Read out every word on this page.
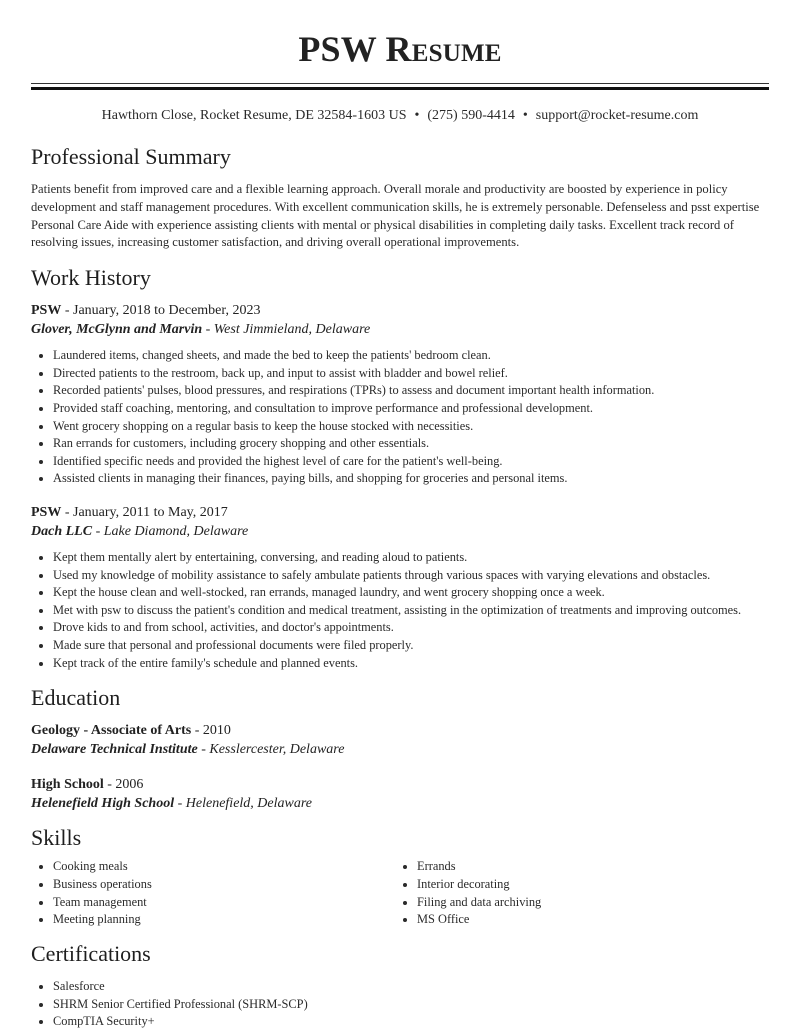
PSW Resume
Hawthorn Close, Rocket Resume, DE 32584-1603 US • (275) 590-4414 • support@rocket-resume.com
Professional Summary

Patients benefit from improved care and a flexible learning approach. Overall morale and productivity are boosted by experience in policy development and staff management procedures. With excellent communication skills, he is extremely personable. Defenseless and psst expertise Personal Care Aide with experience assisting clients with mental or physical disabilities in completing daily tasks. Excellent track record of resolving issues, increasing customer satisfaction, and driving overall operational improvements.

Work History
PSW - January, 2018 to December, 2023
Glover, McGlynn and Marvin - West Jimmieland, Delaware
• Laundered items, changed sheets, and made the bed to keep the patients' bedroom clean.
• Directed patients to the restroom, back up, and input to assist with bladder and bowel relief.
• Recorded patients' pulses, blood pressures, and respirations (TPRs) to assess and document important health information.
• Provided staff coaching, mentoring, and consultation to improve performance and professional development.
• Went grocery shopping on a regular basis to keep the house stocked with necessities.
• Ran errands for customers, including grocery shopping and other essentials.
• Identified specific needs and provided the highest level of care for the patient's well-being.
• Assisted clients in managing their finances, paying bills, and shopping for groceries and personal items.
PSW - January, 2011 to May, 2017
Dach LLC - Lake Diamond, Delaware
• Kept them mentally alert by entertaining, conversing, and reading aloud to patients.
• Used my knowledge of mobility assistance to safely ambulate patients through various spaces with varying elevations and obstacles.
• Kept the house clean and well-stocked, ran errands, managed laundry, and went grocery shopping once a week.
• Met with psw to discuss the patient's condition and medical treatment, assisting in the optimization of treatments and improving outcomes.
• Drove kids to and from school, activities, and doctor's appointments.
• Made sure that personal and professional documents were filed properly.
• Kept track of the entire family's schedule and planned events.
Education
Geology - Associate of Arts - 2010
Delaware Technical Institute - Kesslercester, Delaware
High School - 2006
Helenefield High School - Helenefield, Delaware
Skills
• Cooking meals
• Business operations
• Team management
• Meeting planning
• Errands
• Interior decorating
• Filing and data archiving
• MS Office
Certifications
• Salesforce
• SHRM Senior Certified Professional (SHRM-SCP)
• CompTIA Security+
